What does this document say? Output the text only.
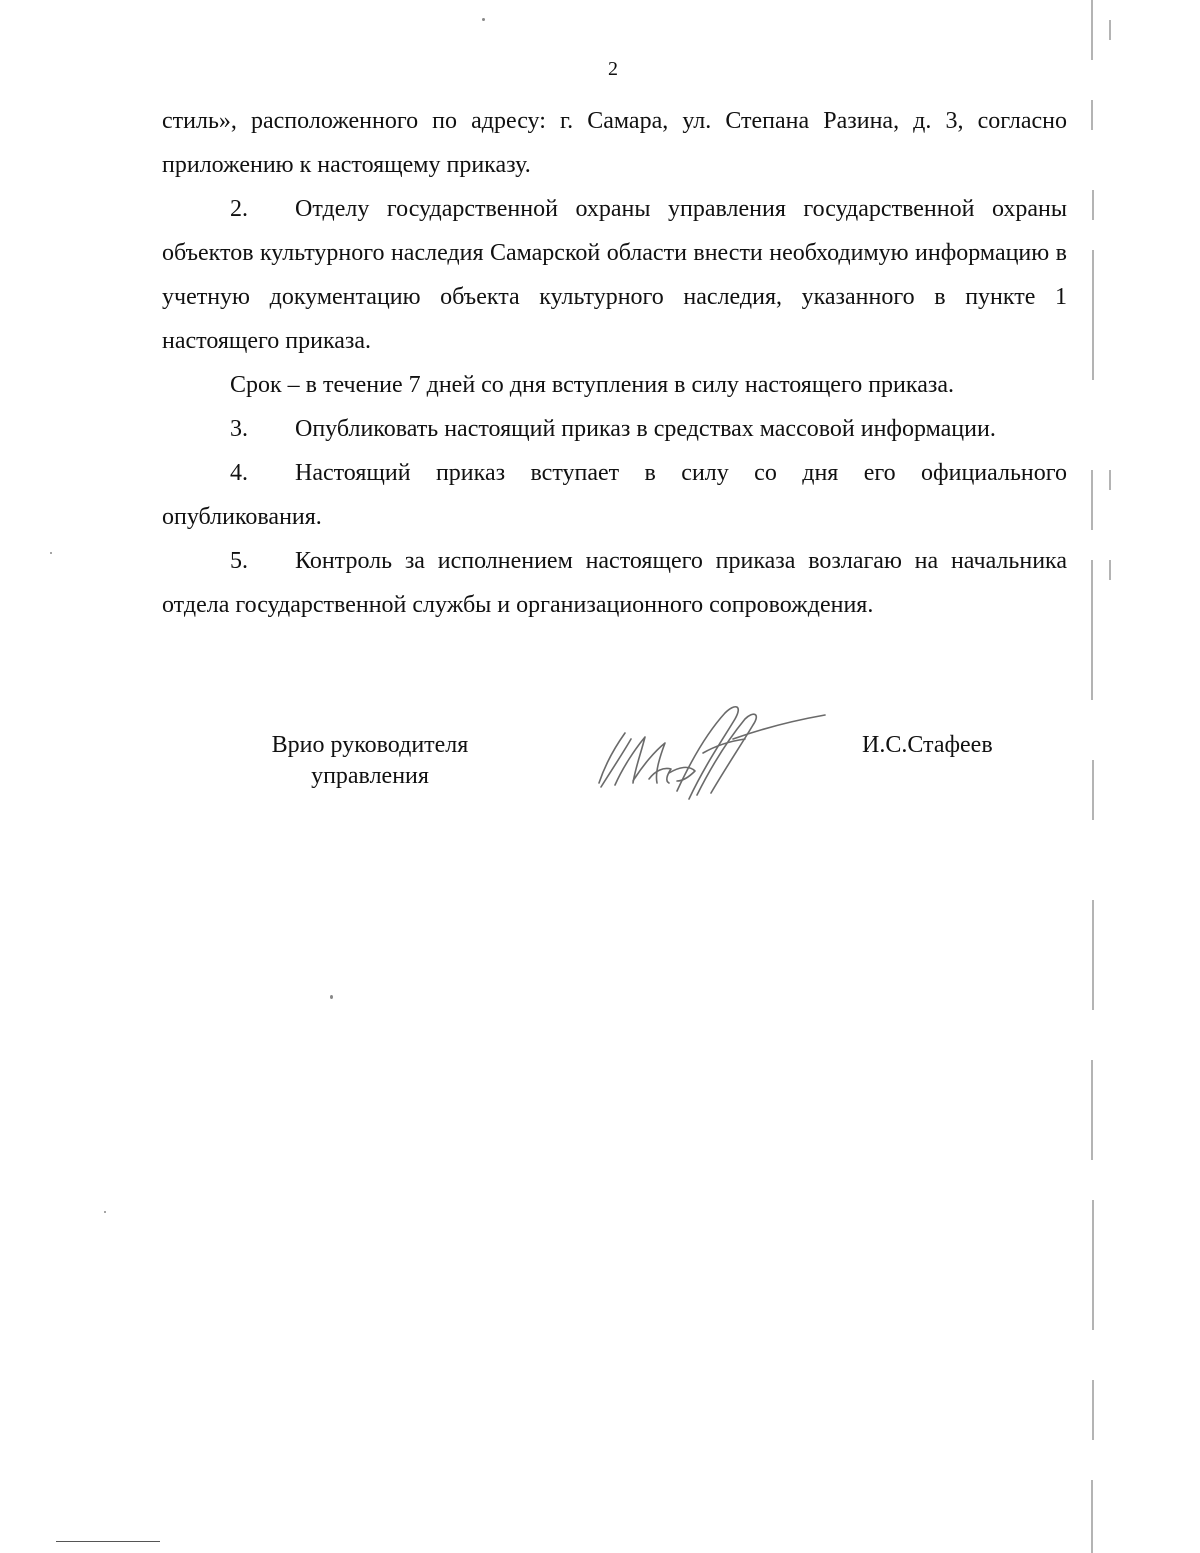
2

стиль», расположенного по адресу: г. Самара, ул. Степана Разина, д. 3, согласно приложению к настоящему приказу.

2. Отделу государственной охраны управления государственной охраны объектов культурного наследия Самарской области внести необходимую информацию в учетную документацию объекта культурного наследия, указанного в пункте 1 настоящего приказа.

Срок – в течение 7 дней со дня вступления в силу настоящего приказа.

3. Опубликовать настоящий приказ в средствах массовой информации.

4. Настоящий приказ вступает в силу со дня его официального опубликования.

5. Контроль за исполнением настоящего приказа возлагаю на начальника отдела государственной службы и организационного сопровождения.

Врио руководителя
управления
И.С.Стафеев
